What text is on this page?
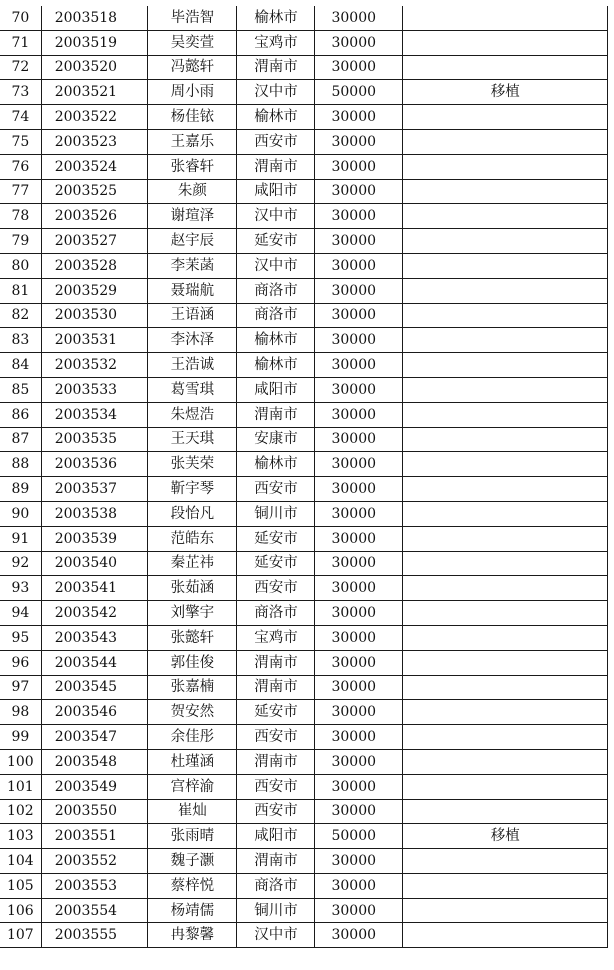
70	2003518	毕浩智	榆林市	30000	
71	2003519	吴奕萱	宝鸡市	30000	
72	2003520	冯懿轩	渭南市	30000	
73	2003521	周小雨	汉中市	50000	移植
74	2003522	杨佳铱	榆林市	30000	
75	2003523	王嘉乐	西安市	30000	
76	2003524	张睿轩	渭南市	30000	
77	2003525	朱颜	咸阳市	30000	
78	2003526	谢瑄泽	汉中市	30000	
79	2003527	赵宇辰	延安市	30000	
80	2003528	李茉菡	汉中市	30000	
81	2003529	聂瑞航	商洛市	30000	
82	2003530	王语涵	商洛市	30000	
83	2003531	李沐泽	榆林市	30000	
84	2003532	王浩诚	榆林市	30000	
85	2003533	葛雪琪	咸阳市	30000	
86	2003534	朱煜浩	渭南市	30000	
87	2003535	王天琪	安康市	30000	
88	2003536	张芙荣	榆林市	30000	
89	2003537	靳宇琴	西安市	30000	
90	2003538	段怡凡	铜川市	30000	
91	2003539	范皓东	延安市	30000	
92	2003540	秦芷祎	延安市	30000	
93	2003541	张茹涵	西安市	30000	
94	2003542	刘擎宇	商洛市	30000	
95	2003543	张懿轩	宝鸡市	30000	
96	2003544	郭佳俊	渭南市	30000	
97	2003545	张嘉楠	渭南市	30000	
98	2003546	贺安然	延安市	30000	
99	2003547	余佳彤	西安市	30000	
100	2003548	杜瑾涵	渭南市	30000	
101	2003549	宫梓渝	西安市	30000	
102	2003550	崔灿	西安市	30000	
103	2003551	张雨晴	咸阳市	50000	移植
104	2003552	魏子灏	渭南市	30000	
105	2003553	蔡梓悦	商洛市	30000	
106	2003554	杨靖儒	铜川市	30000	
107	2003555	冉黎馨	汉中市	30000	
